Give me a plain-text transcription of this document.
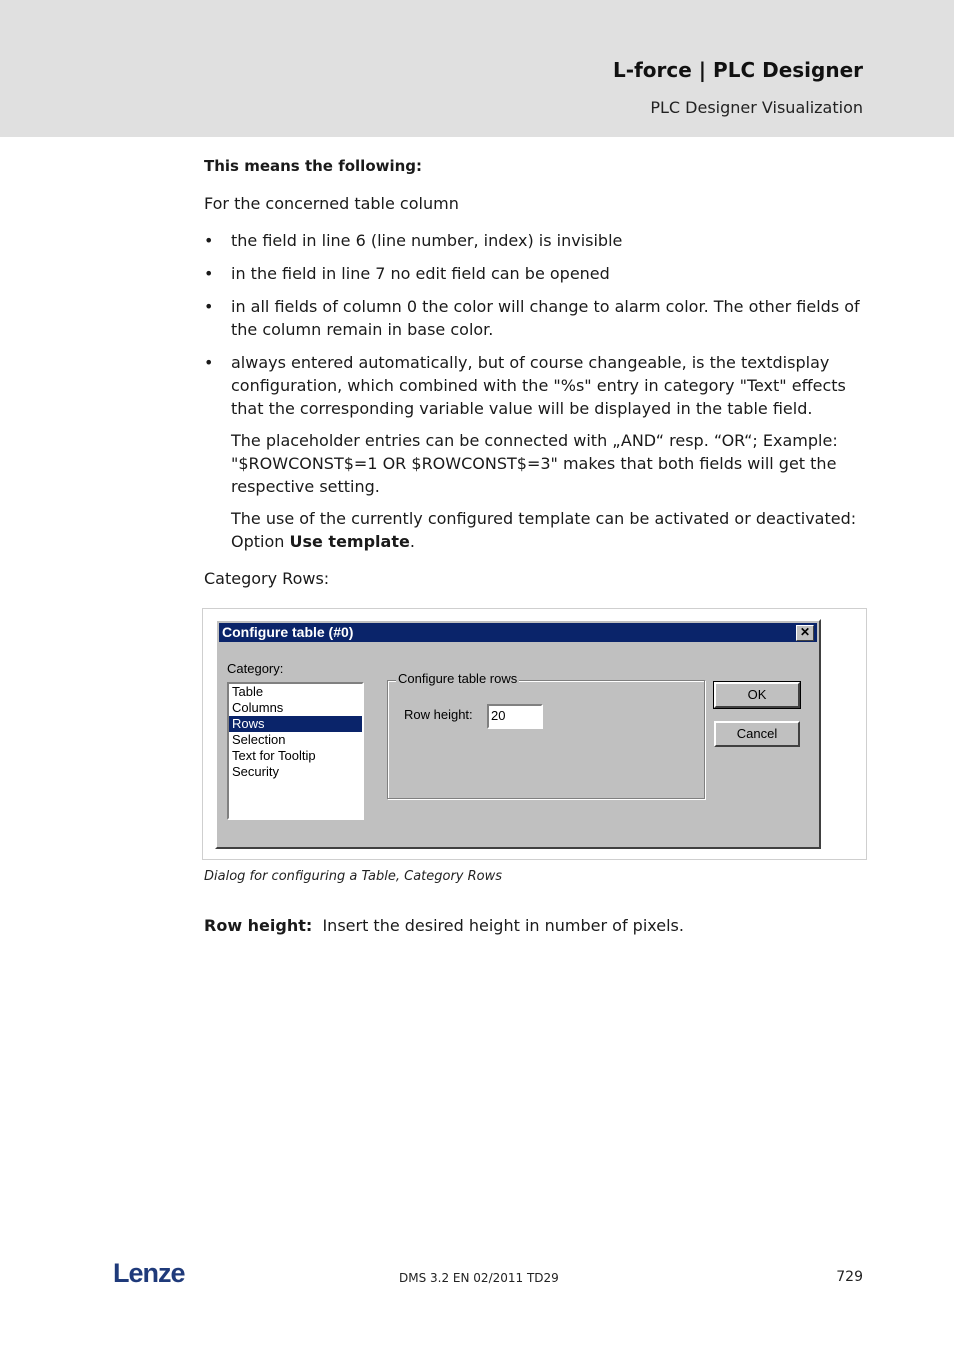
L-force | PLC Designer
PLC Designer Visualization

This means the following:

For the concerned table column

• the field in line 6 (line number, index) is invisible
• in the field in line 7 no edit field can be opened
• in all fields of column 0 the color will change to alarm color. The other fields of the column remain in base color.
• always entered automatically, but of course changeable, is the textdisplay configuration, which combined with the "%s" entry in category "Text" effects that the corresponding variable value will be displayed in the table field.

The placeholder entries can be connected with „AND“ resp. “OR“; Example: "$ROWCONST$=1 OR $ROWCONST$=3" makes that both fields will get the respective setting.

The use of the currently configured template can be activated or deactivated: Option Use template.

Category Rows:

Configure table (#0)	✕
Category:
Table
Columns
Rows
Selection
Text for Tooltip
Security
Configure table rows
Row height:	20
OK
Cancel
Dialog for configuring a Table, Category Rows
Row height: Insert the desired height in number of pixels.
Lenze	DMS 3.2 EN 02/2011 TD29	729
